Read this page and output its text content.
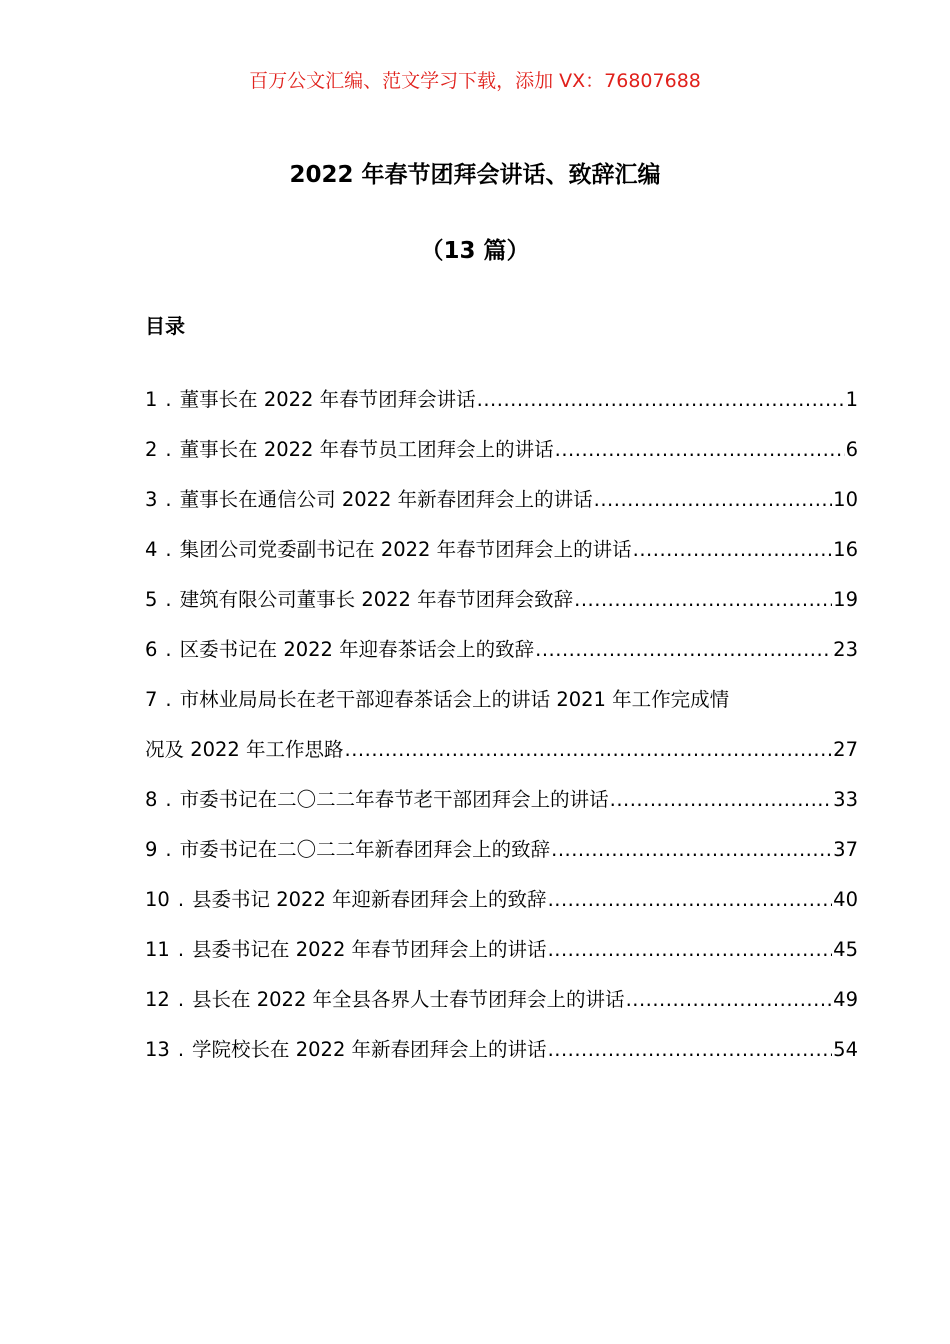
百万公文汇编、范文学习下载，添加 VX：76807688
2022 年春节团拜会讲话、致辞汇编
（13 篇）
目录
1 . 董事长在 2022 年春节团拜会讲话 .....	1
2 . 董事长在 2022 年春节员工团拜会上的讲话 .....	6
3 . 董事长在通信公司 2022 年新春团拜会上的讲话 .....	10
4 . 集团公司党委副书记在 2022 年春节团拜会上的讲话 .....	16
5 . 建筑有限公司董事长 2022 年春节团拜会致辞 .....	19
6 . 区委书记在 2022 年迎春茶话会上的致辞 .....	23
7 . 市林业局局长在老干部迎春茶话会上的讲话 2021 年工作完成情
况及 2022 年工作思路 .....	27
8 . 市委书记在二〇二二年春节老干部团拜会上的讲话 .....	33
9 . 市委书记在二〇二二年新春团拜会上的致辞 .....	37
10 . 县委书记 2022 年迎新春团拜会上的致辞 .....	40
11 . 县委书记在 2022 年春节团拜会上的讲话 .....	45
12 . 县长在 2022 年全县各界人士春节团拜会上的讲话 .....	49
13 . 学院校长在 2022 年新春团拜会上的讲话 .....	54
